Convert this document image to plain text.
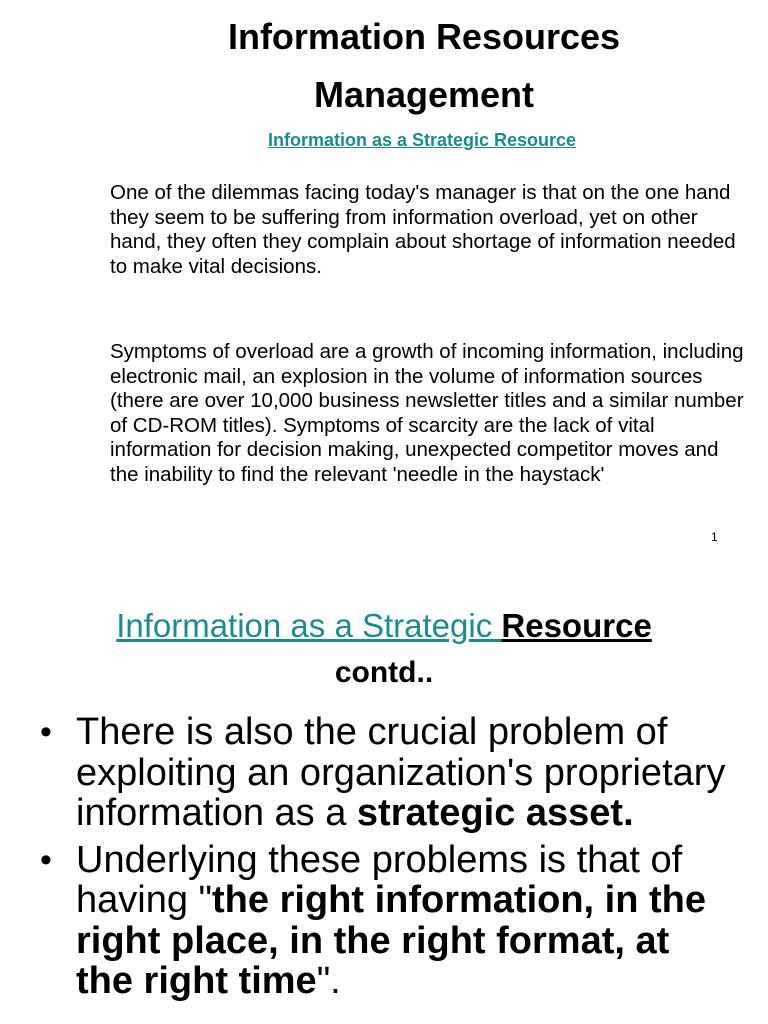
Information Resources
Management
Information as a Strategic Resource

One of the dilemmas facing today's manager is that on the one hand they seem to be suffering from information overload, yet on other hand, they often they complain about shortage of information needed to make vital decisions.

Symptoms of overload are a growth of incoming information, including electronic mail, an explosion in the volume of information sources (there are over 10,000 business newsletter titles and a similar number of CD-ROM titles). Symptoms of scarcity are the lack of vital information for decision making, unexpected competitor moves and the inability to find the relevant 'needle in the haystack'

1
Information as a Strategic Resource
contd..
• There is also the crucial problem of exploiting an organization's proprietary information as a strategic asset.
• Underlying these problems is that of having "the right information, in the right place, in the right format, at the right time".
